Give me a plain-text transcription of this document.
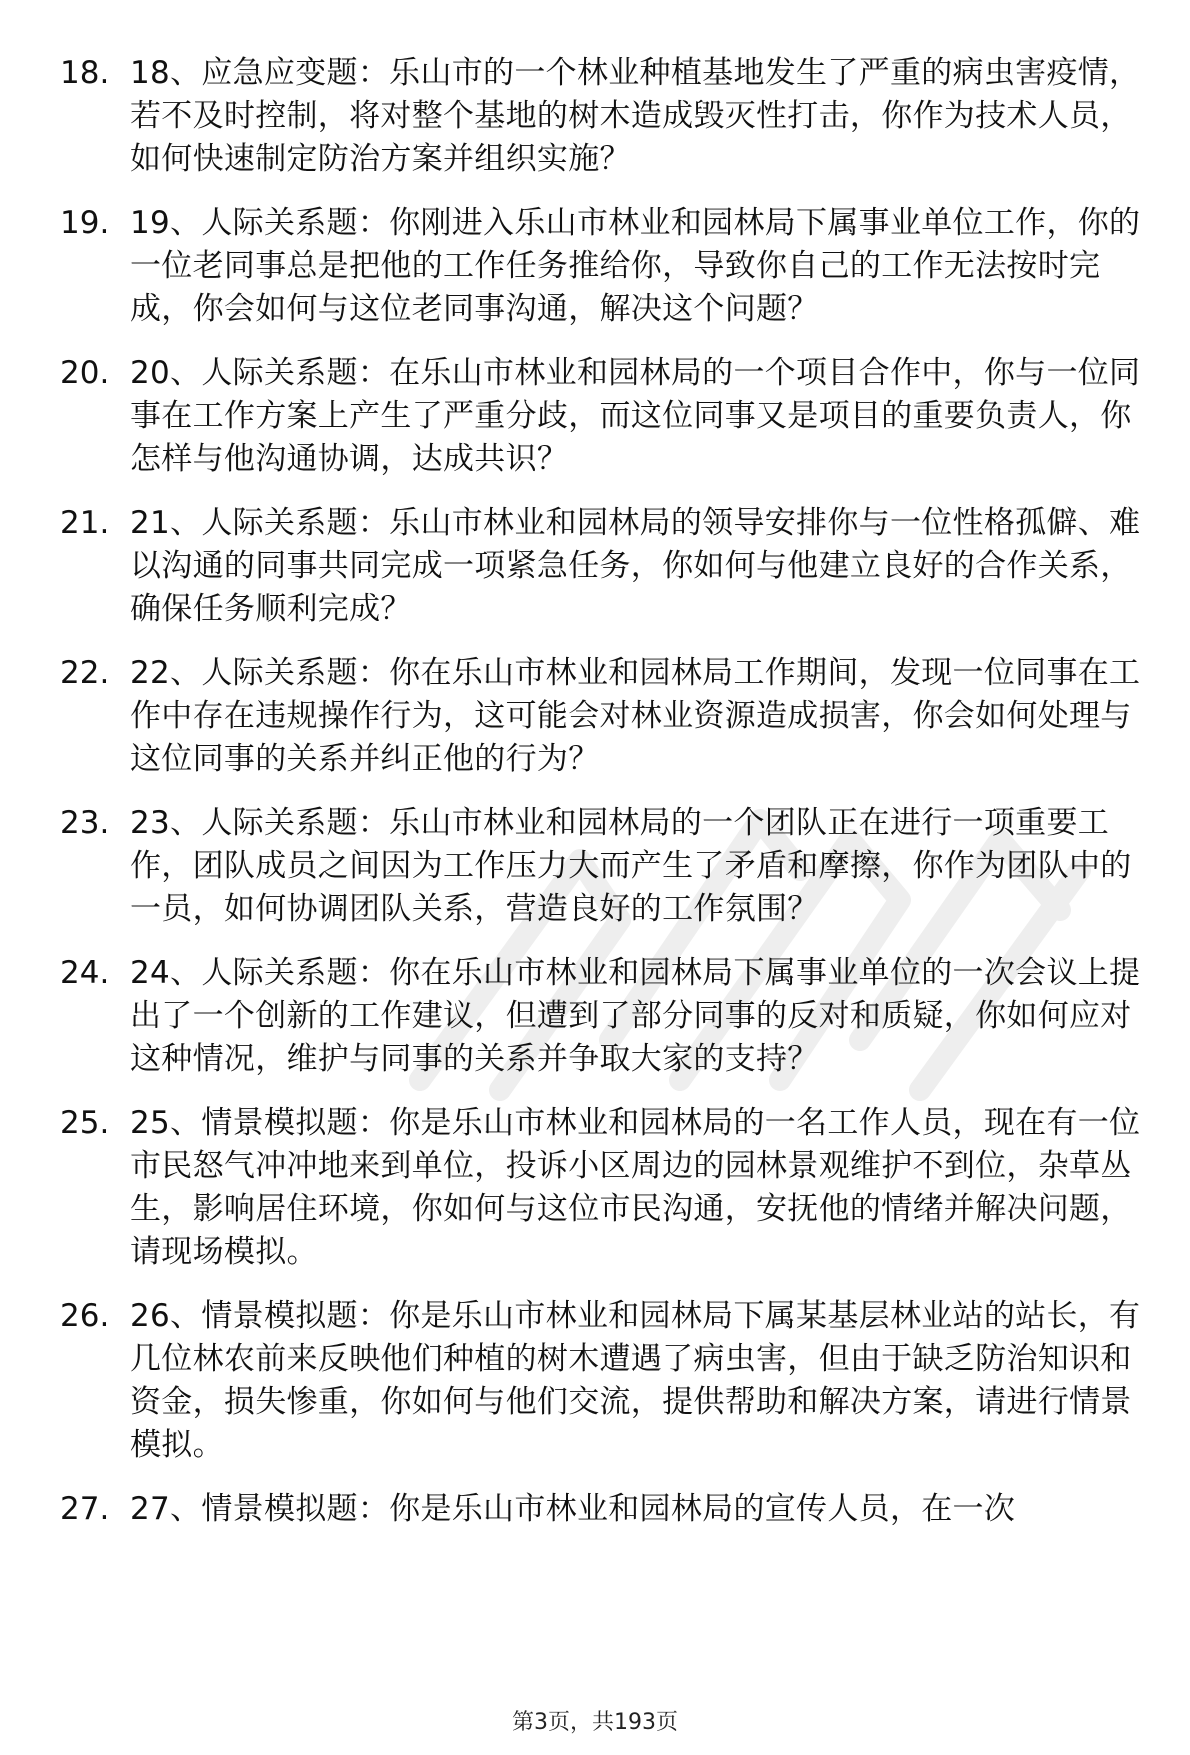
18. 18、应急应变题：乐山市的一个林业种植基地发生了严重的病虫害疫情，若不及时控制，将对整个基地的树木造成毁灭性打击，你作为技术人员，如何快速制定防治方案并组织实施？
19. 19、人际关系题：你刚进入乐山市林业和园林局下属事业单位工作，你的一位老同事总是把他的工作任务推给你，导致你自己的工作无法按时完成，你会如何与这位老同事沟通，解决这个问题？
20. 20、人际关系题：在乐山市林业和园林局的一个项目合作中，你与一位同事在工作方案上产生了严重分歧，而这位同事又是项目的重要负责人，你怎样与他沟通协调，达成共识？
21. 21、人际关系题：乐山市林业和园林局的领导安排你与一位性格孤僻、难以沟通的同事共同完成一项紧急任务，你如何与他建立良好的合作关系，确保任务顺利完成？
22. 22、人际关系题：你在乐山市林业和园林局工作期间，发现一位同事在工作中存在违规操作行为，这可能会对林业资源造成损害，你会如何处理与这位同事的关系并纠正他的行为？
23. 23、人际关系题：乐山市林业和园林局的一个团队正在进行一项重要工作，团队成员之间因为工作压力大而产生了矛盾和摩擦，你作为团队中的一员，如何协调团队关系，营造良好的工作氛围？
24. 24、人际关系题：你在乐山市林业和园林局下属事业单位的一次会议上提出了一个创新的工作建议，但遭到了部分同事的反对和质疑，你如何应对这种情况，维护与同事的关系并争取大家的支持？
25. 25、情景模拟题：你是乐山市林业和园林局的一名工作人员，现在有一位市民怒气冲冲地来到单位，投诉小区周边的园林景观维护不到位，杂草丛生，影响居住环境，你如何与这位市民沟通，安抚他的情绪并解决问题，请现场模拟。
26. 26、情景模拟题：你是乐山市林业和园林局下属某基层林业站的站长，有几位林农前来反映他们种植的树木遭遇了病虫害，但由于缺乏防治知识和资金，损失惨重，你如何与他们交流，提供帮助和解决方案，请进行情景模拟。
27. 27、情景模拟题：你是乐山市林业和园林局的宣传人员，在一次
第3页，共193页
